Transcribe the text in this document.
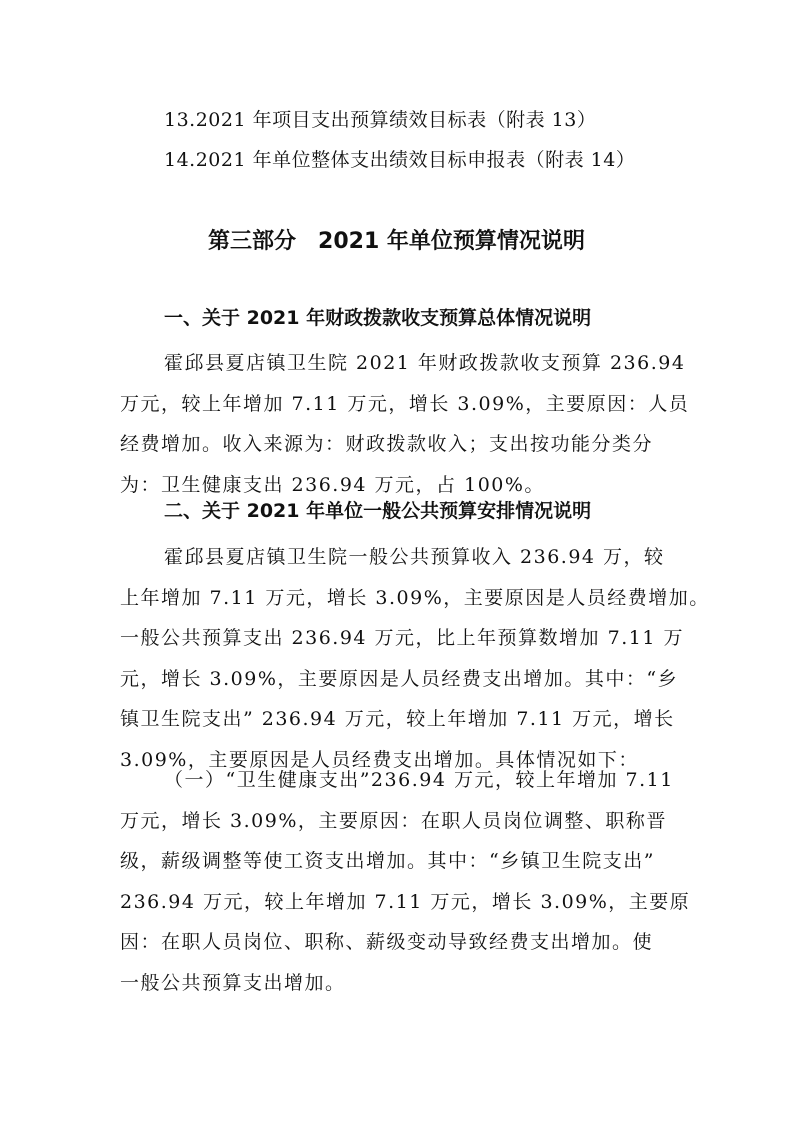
13.2021 年项目支出预算绩效目标表（附表 13）
14.2021 年单位整体支出绩效目标申报表（附表 14）
第三部分　2021 年单位预算情况说明
一、关于 2021 年财政拨款收支预算总体情况说明
霍邱县夏店镇卫生院 2021 年财政拨款收支预算 236.94
万元，较上年增加 7.11 万元，增长 3.09%，主要原因：人员
经费增加。收入来源为：财政拨款收入；支出按功能分类分
为：卫生健康支出 236.94 万元，占 100%。
二、关于 2021 年单位一般公共预算安排情况说明
霍邱县夏店镇卫生院一般公共预算收入 236.94 万，较
上年增加 7.11 万元，增长 3.09%，主要原因是人员经费增加。
一般公共预算支出 236.94 万元，比上年预算数增加 7.11 万
元，增长 3.09%，主要原因是人员经费支出增加。其中：“乡
镇卫生院支出” 236.94 万元，较上年增加 7.11 万元，增长
3.09%，主要原因是人员经费支出增加。具体情况如下：
（一）“卫生健康支出”236.94 万元，较上年增加 7.11
万元，增长 3.09%，主要原因：在职人员岗位调整、职称晋
级，薪级调整等使工资支出增加。其中：“乡镇卫生院支出”
236.94 万元，较上年增加 7.11 万元，增长 3.09%，主要原
因：在职人员岗位、职称、薪级变动导致经费支出增加。使
一般公共预算支出增加。
